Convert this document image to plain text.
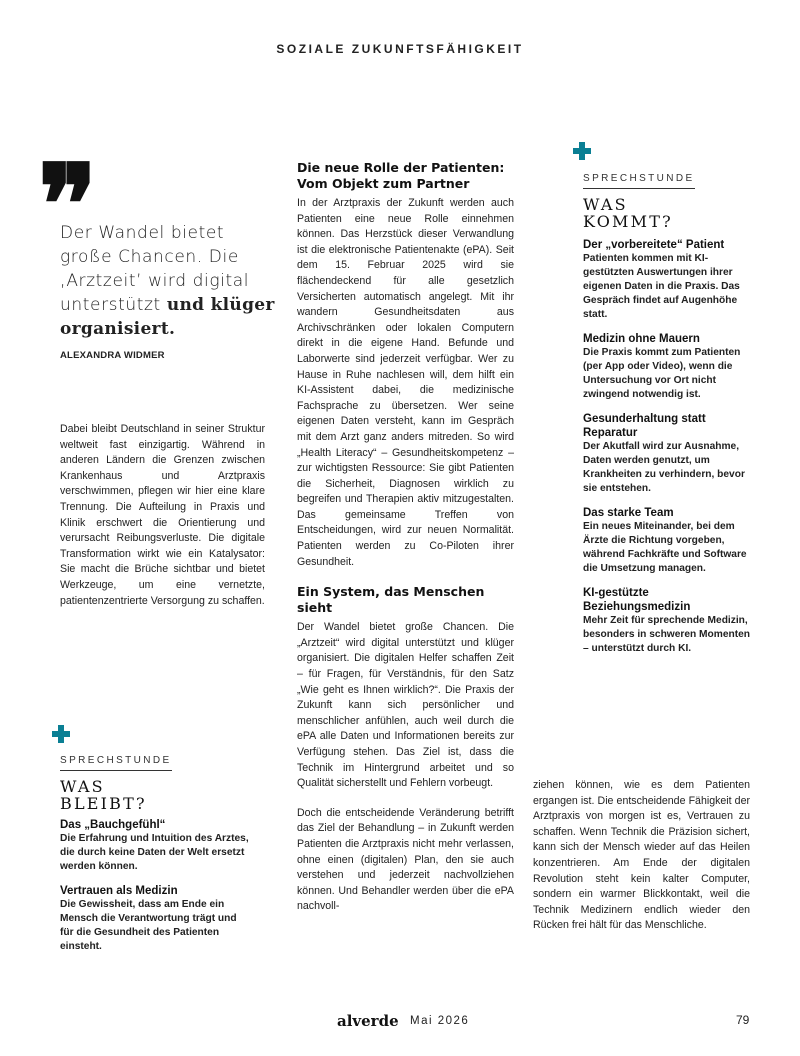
SOZIALE ZUKUNFTSFÄHIGKEIT
❞
Der Wandel bietet große Chancen. Die ‚Arztzeit’ wird digital unterstützt und klüger organisiert.
ALEXANDRA WIDMER

Dabei bleibt Deutschland in seiner Struktur weltweit fast einzigartig. Während in anderen Ländern die Grenzen zwischen Krankenhaus und Arztpraxis verschwimmen, pflegen wir hier eine klare Trennung. Die Aufteilung in Praxis und Klinik erschwert die Orientierung und verursacht Reibungsverluste. Die digitale Transformation wirkt wie ein Katalysator: Sie macht die Brüche sichtbar und bietet Werkzeuge, um eine vernetzte, patientenzentrierte Versorgung zu schaffen.

SPRECHSTUNDE
WAS
BLEIBT?

Das „Bauchgefühl“

Die Erfahrung und Intuition des Arztes, die durch keine Daten der Welt ersetzt werden können.

Vertrauen als Medizin

Die Gewissheit, dass am Ende ein Mensch die Verantwortung trägt und für die Gesundheit des Patienten einsteht.

Die neue Rolle der Patienten: Vom Objekt zum Partner

In der Arztpraxis der Zukunft werden auch Patienten eine neue Rolle einnehmen können. Das Herzstück dieser Verwandlung ist die elektronische Patientenakte (ePA). Seit dem 15. Februar 2025 wird sie flächendeckend für alle gesetzlich Versicherten automatisch angelegt. Mit ihr wandern Gesundheitsdaten aus Archivschränken oder lokalen Computern direkt in die eigene Hand. Befunde und Laborwerte sind jederzeit verfügbar. Wer zu Hause in Ruhe nachlesen will, dem hilft ein KI-Assistent dabei, die medizinische Fachsprache zu übersetzen. Wer seine eigenen Daten versteht, kann im Gespräch mit dem Arzt ganz anders mitreden. So wird „Health Literacy“ – Gesundheitskompetenz – zur wichtigsten Ressource: Sie gibt Patienten die Sicherheit, Diagnosen wirklich zu begreifen und Therapien aktiv mitzugestalten. Das gemeinsame Treffen von Entscheidungen, wird zur neuen Normalität. Patienten werden zu Co-Piloten ihrer Gesundheit.

Ein System, das Menschen sieht

Der Wandel bietet große Chancen. Die „Arztzeit“ wird digital unterstützt und klüger organisiert. Die digitalen Helfer schaffen Zeit – für Fragen, für Verständnis, für den Satz „Wie geht es Ihnen wirklich?“. Die Praxis der Zukunft kann sich persönlicher und menschlicher anfühlen, auch weil durch die ePA alle Daten und Informationen bereits zur Verfügung stehen. Das Ziel ist, dass die Technik im Hintergrund arbeitet und so Qualität sicherstellt und Fehlern vorbeugt.

Doch die entscheidende Veränderung betrifft das Ziel der Behandlung – in Zukunft werden Patienten die Arztpraxis nicht mehr verlassen, ohne einen (digitalen) Plan, den sie auch verstehen und jederzeit nachvollziehen können. Und Behandler werden über die ePA nachvoll-

SPRECHSTUNDE
WAS
KOMMT?

Der „vorbereitete“ Patient

Patienten kommen mit KI-gestützten Auswertungen ihrer eigenen Daten in die Praxis. Das Gespräch findet auf Augenhöhe statt.

Medizin ohne Mauern

Die Praxis kommt zum Patienten (per App oder Video), wenn die Untersuchung vor Ort nicht zwingend notwendig ist.

Gesunderhaltung statt Reparatur

Der Akutfall wird zur Ausnahme, Daten werden genutzt, um Krankheiten zu verhindern, bevor sie entstehen.

Das starke Team

Ein neues Miteinander, bei dem Ärzte die Richtung vorgeben, während Fachkräfte und Software die Umsetzung managen.

KI-gestützte Beziehungsmedizin

Mehr Zeit für sprechende Medizin, besonders in schweren Momenten – unterstützt durch KI.

ziehen können, wie es dem Patienten ergangen ist. Die entscheidende Fähigkeit der Arztpraxis von morgen ist es, Vertrauen zu schaffen. Wenn Technik die Präzision sichert, kann sich der Mensch wieder auf das Heilen konzentrieren. Am Ende der digitalen Revolution steht kein kalter Computer, sondern ein warmer Blickkontakt, weil die Technik Medizinern endlich wieder den Rücken frei hält für das Menschliche.

alverde Mai 2026	79
